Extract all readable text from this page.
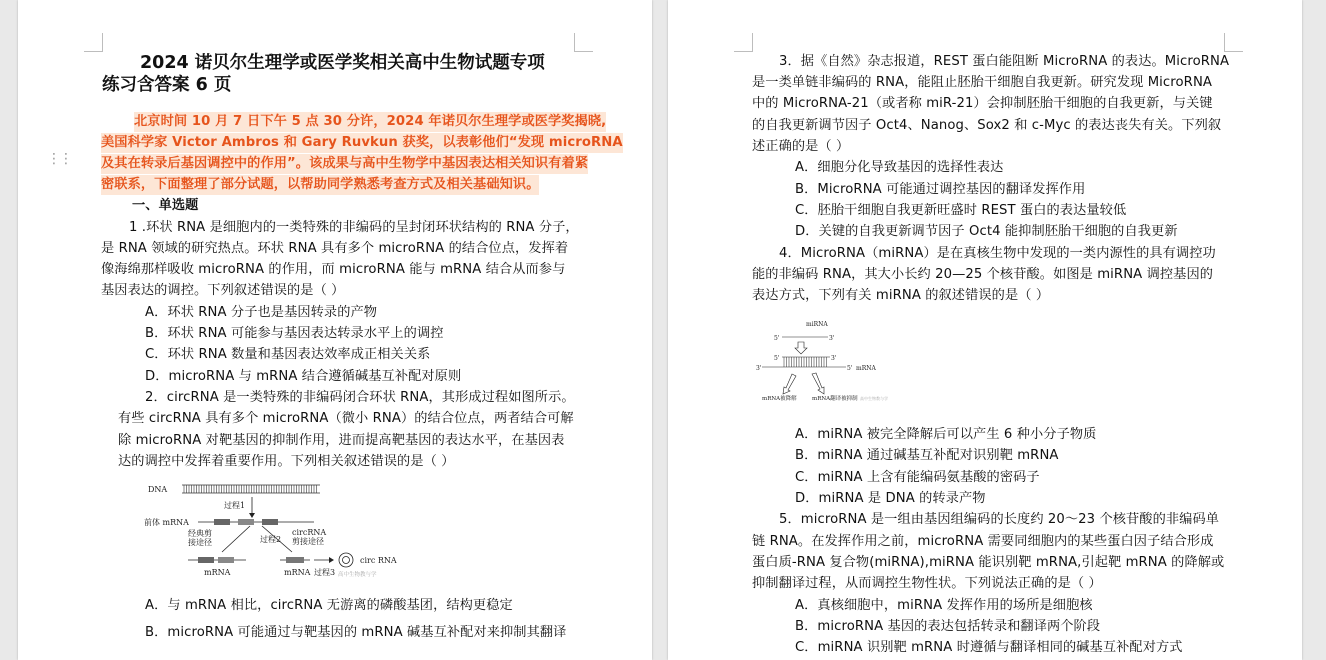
2024 诺贝尔生理学或医学奖相关高中生物试题专项
练习含答案 6 页
北京时间 10 月 7 日下午 5 点 30 分许，2024 年诺贝尔生理学或医学奖揭晓,
美国科学家 Victor Ambros 和 Gary Ruvkun 获奖，以表彰他们“发现 microRNA
及其在转录后基因调控中的作用”。该成果与高中生物学中基因表达相关知识有着紧
密联系，下面整理了部分试题，以帮助同学熟悉考查方式及相关基础知识。
一、单选题
1 .环状 RNA 是细胞内的一类特殊的非编码的呈封闭环状结构的 RNA 分子，
是 RNA 领域的研究热点。环状 RNA 具有多个 microRNA 的结合位点，发挥着
像海绵那样吸收 microRNA 的作用，而 microRNA 能与 mRNA 结合从而参与
基因表达的调控。下列叙述错误的是（ ）
A．环状 RNA 分子也是基因转录的产物
B．环状 RNA 可能参与基因表达转录水平上的调控
C．环状 RNA 数量和基因表达效率成正相关关系
D．microRNA 与 mRNA 结合遵循碱基互补配对原则
2．circRNA 是一类特殊的非编码闭合环状 RNA，其形成过程如图所示。
有些 circRNA 具有多个 microRNA（微小 RNA）的结合位点，两者结合可解
除 microRNA 对靶基因的抑制作用，进而提高靶基因的表达水平，在基因表
达的调控中发挥着重要作用。下列相关叙述错误的是（ ）
DNA
过程1
前体 mRNA
经典剪
接途径	过程2
circRNA
剪接途径
circ RNA
mRNA	mRNA 过程3 高中生物教与学
A．与 mRNA 相比，circRNA 无游离的磷酸基团，结构更稳定
B．microRNA 可能通过与靶基因的 mRNA 碱基互补配对来抑制其翻译
⋮⋮
3．据《自然》杂志报道，REST 蛋白能阻断 MicroRNA 的表达。MicroRNA
是一类单链非编码的 RNA，能阻止胚胎干细胞自我更新。研究发现 MicroRNA
中的 MicroRNA-21（或者称 miR-21）会抑制胚胎干细胞的自我更新，与关键
的自我更新调节因子 Oct4、Nanog、Sox2 和 c-Myc 的表达丧失有关。下列叙
述正确的是（ ）
A．细胞分化导致基因的选择性表达
B．MicroRNA 可能通过调控基因的翻译发挥作用
C．胚胎干细胞自我更新旺盛时 REST 蛋白的表达量较低
D．关键的自我更新调节因子 Oct4 能抑制胚胎干细胞的自我更新
4．MicroRNA（miRNA）是在真核生物中发现的一类内源性的具有调控功
能的非编码 RNA，其大小长约 20—25 个核苷酸。如图是 miRNA 调控基因的
表达方式，下列有关 miRNA 的叙述错误的是（ ）
miRNA
5'	3'
5'	3'
3'	5' mRNA
mRNA被降解	mRNA翻译被抑制 高中生物教与学
A．miRNA 被完全降解后可以产生 6 种小分子物质
B．miRNA 通过碱基互补配对识别靶 mRNA
C．miRNA 上含有能编码氨基酸的密码子
D．miRNA 是 DNA 的转录产物
5．microRNA 是一组由基因组编码的长度约 20～23 个核苷酸的非编码单
链 RNA。在发挥作用之前，microRNA 需要同细胞内的某些蛋白因子结合形成
蛋白质-RNA 复合物(miRNA),miRNA 能识别靶 mRNA,引起靶 mRNA 的降解或
抑制翻译过程，从而调控生物性状。下列说法正确的是（ ）
A．真核细胞中，miRNA 发挥作用的场所是细胞核
B．microRNA 基因的表达包括转录和翻译两个阶段
C．miRNA 识别靶 mRNA 时遵循与翻译相同的碱基互补配对方式
